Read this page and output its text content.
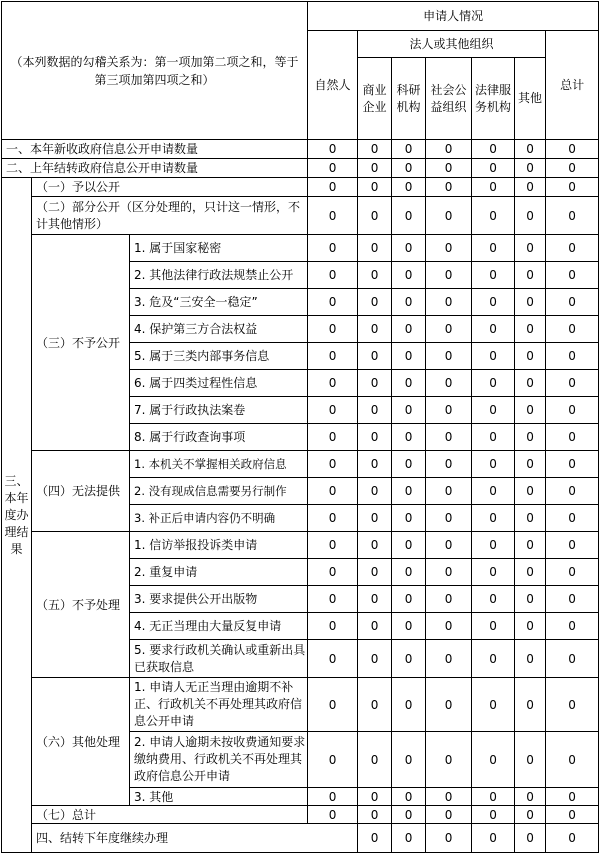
（本列数据的勾稽关系为：第一项加第二项之和，等于第三项加第四项之和）			申请人情况							
			自然人	法人或其他组织					总计	
				商业企业	科研机构	社会公益组织	法律服务机构	其他		
一、本年新收政府信息公开申请数量			0	0	0	0	0	0	0	
二、上年结转政府信息公开申请数量			0	0	0	0	0	0	0	
三、本年度办理结果	（一）予以公开		0	0	0	0	0	0	0	
	（二）部分公开（区分处理的，只计这一情形，不计其他情形）		0	0	0	0	0	0	0	
	（三）不予公开	1. 属于国家秘密	0	0	0	0	0	0	0	
		2. 其他法律行政法规禁止公开	0	0	0	0	0	0	0	
		3. 危及“三安全一稳定”	0	0	0	0	0	0	0	
		4. 保护第三方合法权益	0	0	0	0	0	0	0	
		5. 属于三类内部事务信息	0	0	0	0	0	0	0	
		6. 属于四类过程性信息	0	0	0	0	0	0	0	
		7. 属于行政执法案卷	0	0	0	0	0	0	0	
		8. 属于行政查询事项	0	0	0	0	0	0	0	
	（四）无法提供	1. 本机关不掌握相关政府信息	0	0	0	0	0	0	0	
		2. 没有现成信息需要另行制作	0	0	0	0	0	0	0	
		3. 补正后申请内容仍不明确	0	0	0	0	0	0	0	
	（五）不予处理	1. 信访举报投诉类申请	0	0	0	0	0	0	0	
		2. 重复申请	0	0	0	0	0	0	0	
		3. 要求提供公开出版物	0	0	0	0	0	0	0	
		4. 无正当理由大量反复申请	0	0	0	0	0	0	0	
		5. 要求行政机关确认或重新出具已获取信息	0	0	0	0	0	0	0	
	（六）其他处理	1. 申请人无正当理由逾期不补正、行政机关不再处理其政府信息公开申请	0	0	0	0	0	0	0	
		2. 申请人逾期未按收费通知要求缴纳费用、行政机关不再处理其政府信息公开申请	0	0	0	0	0	0	0	
		3. 其他	0	0	0	0	0	0	0	
	（七）总计		0	0	0	0	0	0	0	
	四、结转下年度继续办理			0	0	0	0	0	0	
